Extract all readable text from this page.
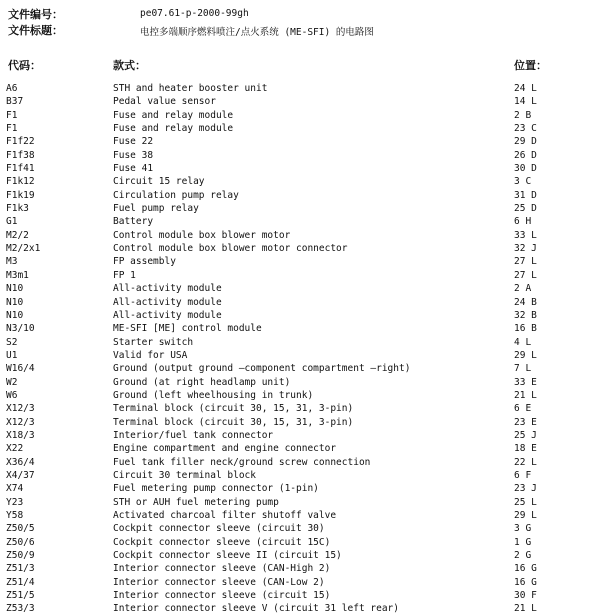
文件编号：	pe07.61-p-2000-99gh
文件标题：	电控多端顺序燃料喷注/点火系统 (ME-SFI) 的电路图
代码：	款式：	位置：
A6	STH and heater booster unit	24 L
B37	Pedal value sensor	14 L
F1	Fuse and relay module	2 B
F1	Fuse and relay module	23 C
F1f22	Fuse 22	29 D
F1f38	Fuse 38	26 D
F1f41	Fuse 41	30 D
F1k12	Circuit 15 relay	3 C
F1k19	Circulation pump relay	31 D
F1k3	Fuel pump relay	25 D
G1	Battery	6 H
M2/2	Control module box blower motor	33 L
M2/2x1	Control module box blower motor connector	32 J
M3	FP assembly	27 L
M3m1	FP 1	27 L
N10	All-activity module	2 A
N10	All-activity module	24 B
N10	All-activity module	32 B
N3/10	ME-SFI [ME] control module	16 B
S2	Starter switch	4 L
U1	Valid for USA	29 L
W16/4	Ground (output ground —component compartment —right)	7 L
W2	Ground (at right headlamp unit)	33 E
W6	Ground (left wheelhousing in trunk)	21 L
X12/3	Terminal block (circuit 30, 15, 31, 3-pin)	6 E
X12/3	Terminal block (circuit 30, 15, 31, 3-pin)	23 E
X18/3	Interior/fuel tank connector	25 J
X22	Engine compartment and engine connector	18 E
X36/4	Fuel tank filler neck/ground screw connection	22 L
X4/37	Circuit 30 terminal block	6 F
X74	Fuel metering pump connector (1-pin)	23 J
Y23	STH or AUH fuel metering pump	25 L
Y58	Activated charcoal filter shutoff valve	29 L
Z50/5	Cockpit connector sleeve (circuit 30)	3 G
Z50/6	Cockpit connector sleeve (circuit 15C)	1 G
Z50/9	Cockpit connector sleeve II (circuit 15)	2 G
Z51/3	Interior connector sleeve (CAN-High 2)	16 G
Z51/4	Interior connector sleeve (CAN-Low 2)	16 G
Z51/5	Interior connector sleeve (circuit 15)	30 F
Z53/3	Interior connector sleeve V (circuit 31 left rear)	21 L
